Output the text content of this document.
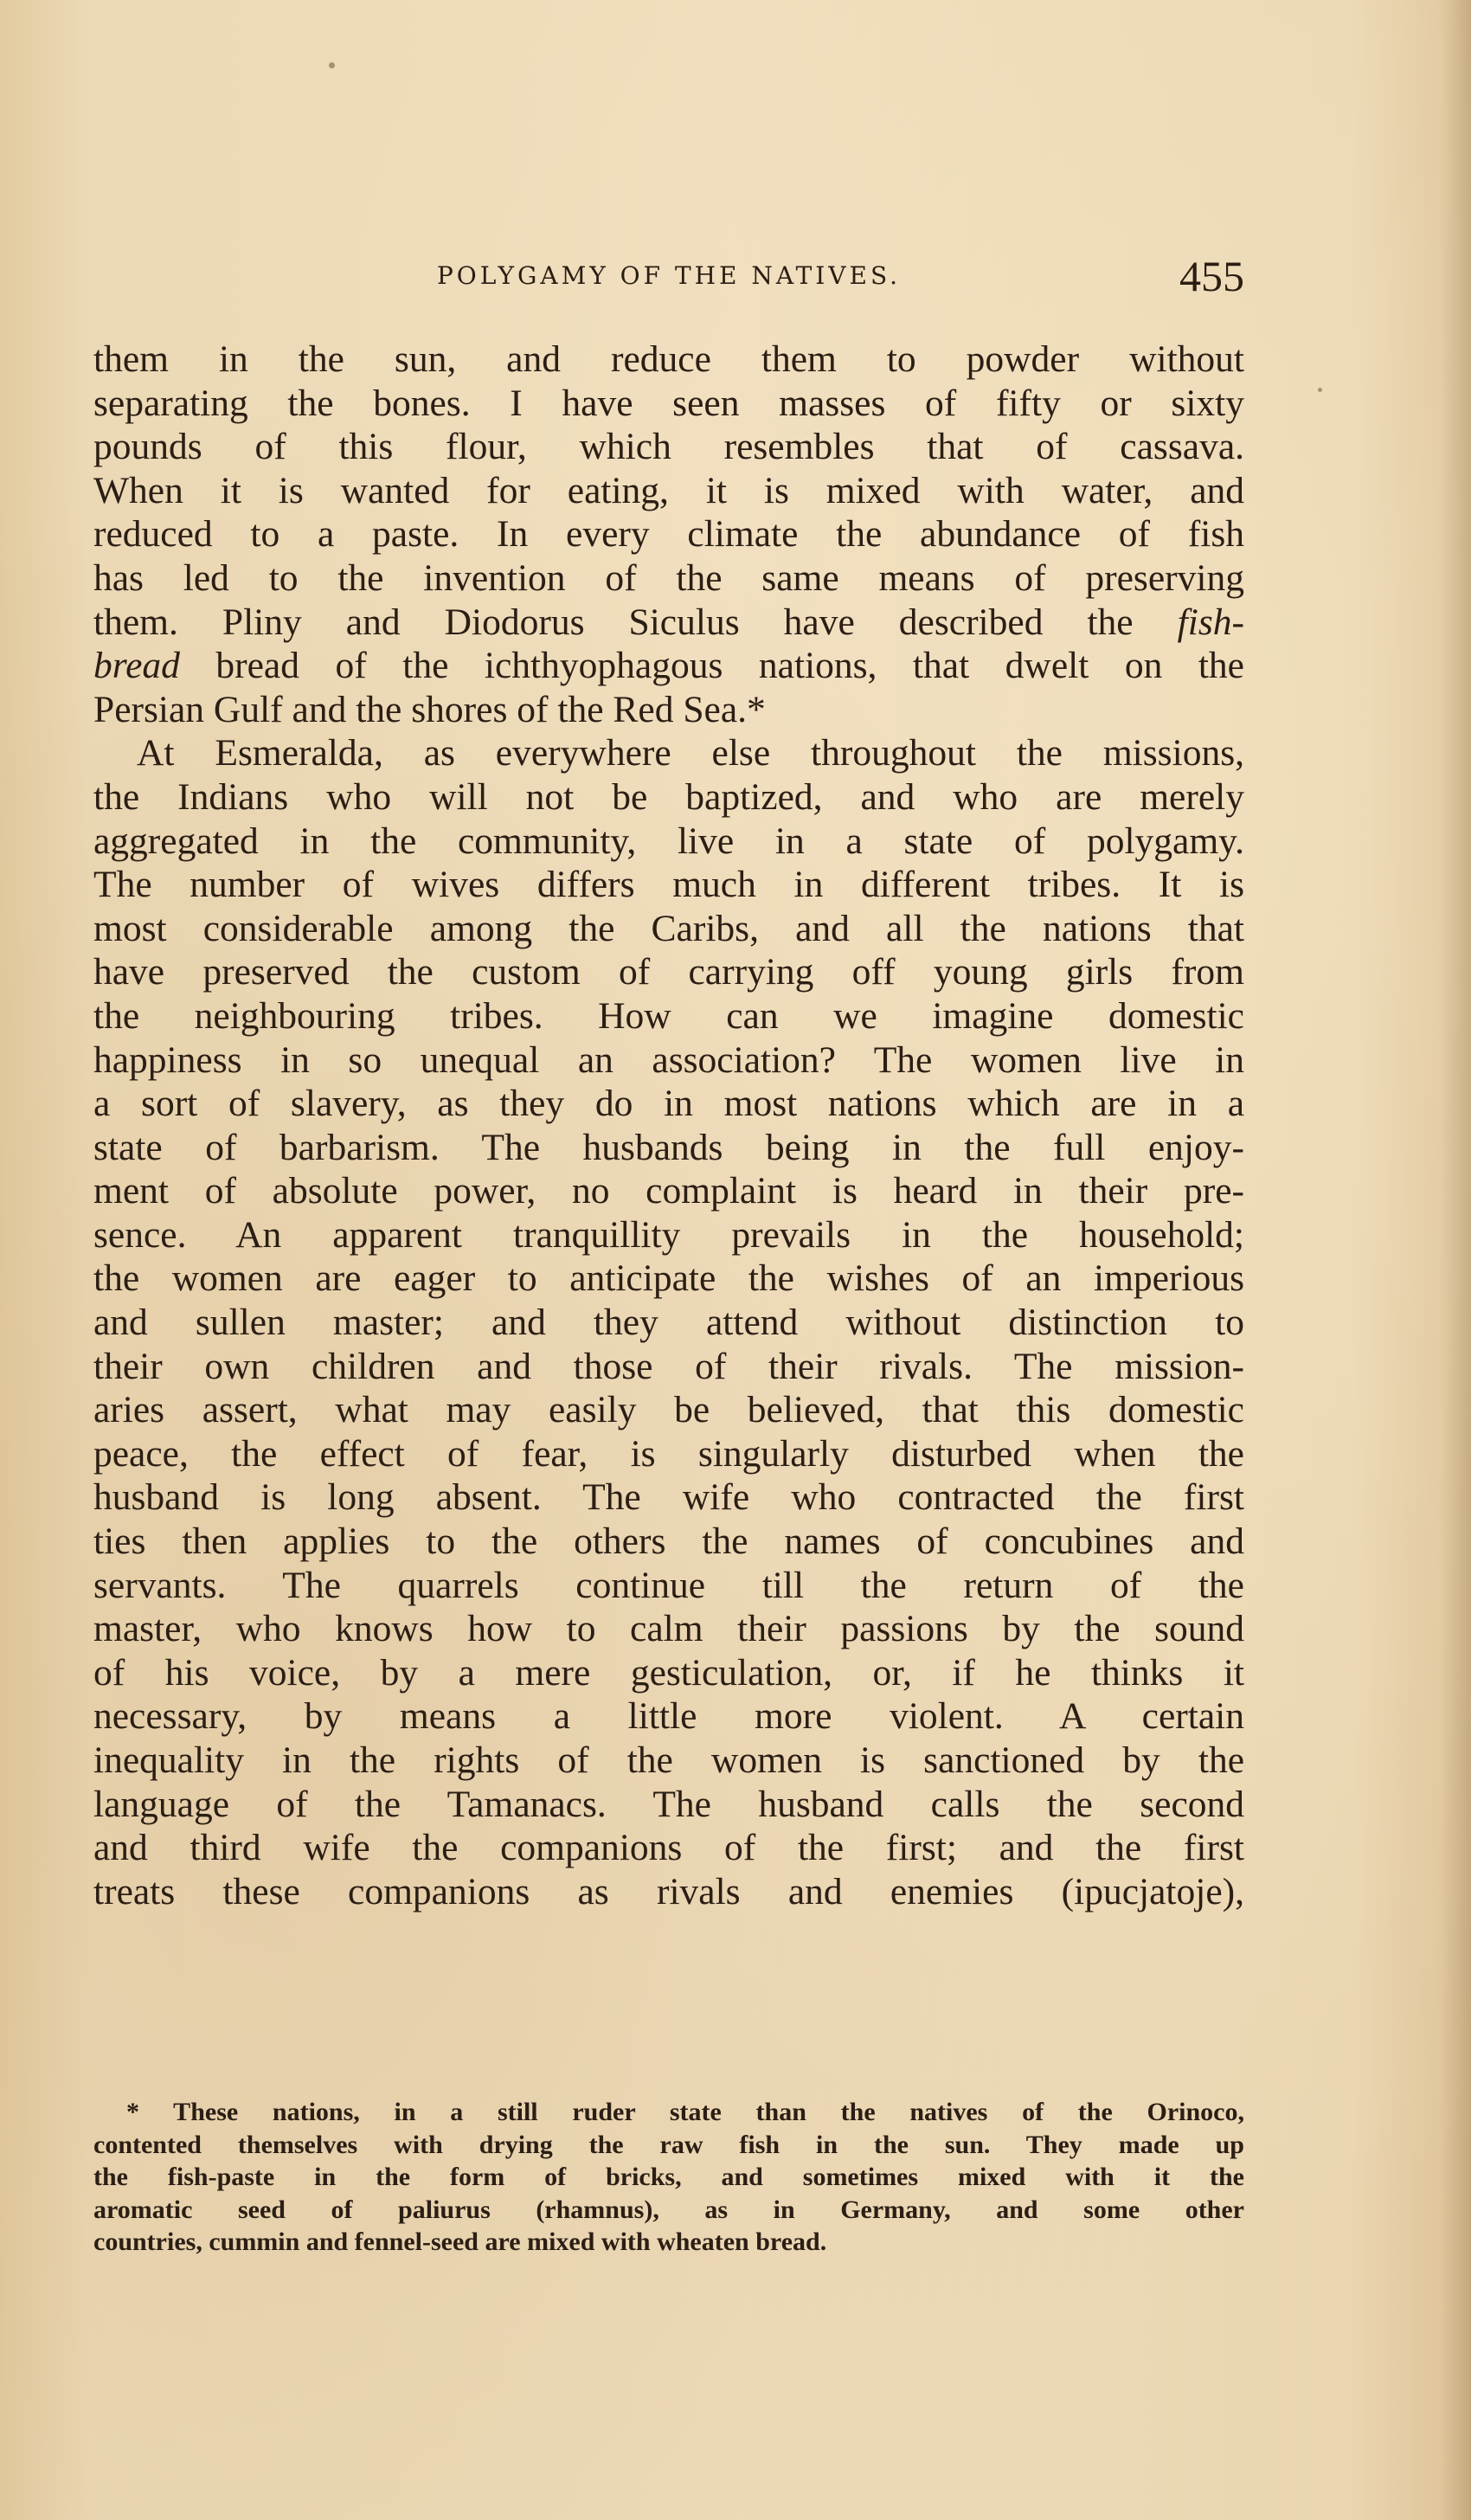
POLYGAMY OF THE NATIVES.	455
them in the sun, and reduce them to powder without
separating the bones. I have seen masses of fifty or sixty
pounds of this flour, which resembles that of cassava.
When it is wanted for eating, it is mixed with water, and
reduced to a paste. In every climate the abundance of fish
has led to the invention of the same means of preserving
them. Pliny and Diodorus Siculus have described the fish-
bread bread of the ichthyophagous nations, that dwelt on the
Persian Gulf and the shores of the Red Sea.*
At Esmeralda, as everywhere else throughout the missions,
the Indians who will not be baptized, and who are merely
aggregated in the community, live in a state of polygamy.
The number of wives differs much in different tribes. It is
most considerable among the Caribs, and all the nations that
have preserved the custom of carrying off young girls from
the neighbouring tribes. How can we imagine domestic
happiness in so unequal an association? The women live in
a sort of slavery, as they do in most nations which are in a
state of barbarism. The husbands being in the full enjoy-
ment of absolute power, no complaint is heard in their pre-
sence. An apparent tranquillity prevails in the household;
the women are eager to anticipate the wishes of an imperious
and sullen master; and they attend without distinction to
their own children and those of their rivals. The mission-
aries assert, what may easily be believed, that this domestic
peace, the effect of fear, is singularly disturbed when the
husband is long absent. The wife who contracted the first
ties then applies to the others the names of concubines and
servants. The quarrels continue till the return of the
master, who knows how to calm their passions by the sound
of his voice, by a mere gesticulation, or, if he thinks it
necessary, by means a little more violent. A certain
inequality in the rights of the women is sanctioned by the
language of the Tamanacs. The husband calls the second
and third wife the companions of the first; and the first
treats these companions as rivals and enemies (ipucjatoje),
* These nations, in a still ruder state than the natives of the Orinoco,
contented themselves with drying the raw fish in the sun. They made up
the fish-paste in the form of bricks, and sometimes mixed with it the
aromatic seed of paliurus (rhamnus), as in Germany, and some other
countries, cummin and fennel-seed are mixed with wheaten bread.
